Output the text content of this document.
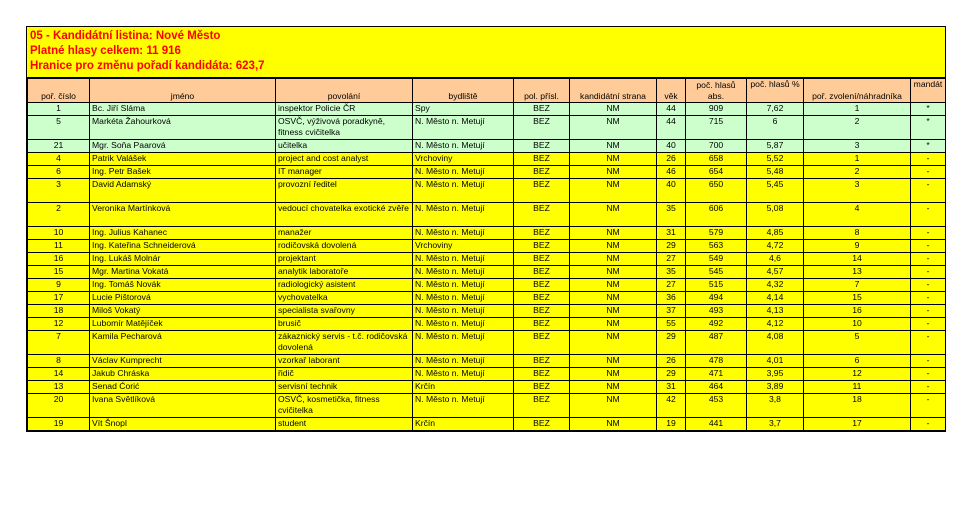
05 - Kandidátní listina: Nové Město
Platné hlasy celkem: 11 916
Hranice pro změnu pořadí kandidáta: 623,7
poř. číslo	jméno	povolání	bydliště	pol. přísl.	kandidátní strana	věk	poč. hlasů abs.	poč. hlasů %	poř. zvolení/náhradníka	mandát
1	Bc. Jiří Sláma	inspektor Policie ČR	Spy	BEZ	NM	44	909	7,62	1	*
5	Markéta Žahourková	OSVČ, výživová poradkyně, fitness cvičitelka	N. Město n. Metují	BEZ	NM	44	715	6	2	*
21	Mgr. Soňa Paarová	učitelka	N. Město n. Metují	BEZ	NM	40	700	5,87	3	*
4	Patrik Valášek	project and cost analyst	Vrchoviny	BEZ	NM	26	658	5,52	1	-
6	Ing. Petr Bašek	IT manager	N. Město n. Metují	BEZ	NM	46	654	5,48	2	-
3	David Adamský	provozní ředitel	N. Město n. Metují	BEZ	NM	40	650	5,45	3	-
2	Veronika Martínková	vedoucí chovatelka exotické zvěře	N. Město n. Metují	BEZ	NM	35	606	5,08	4	-
10	Ing. Julius Kahanec	manažer	N. Město n. Metují	BEZ	NM	31	579	4,85	8	-
11	Ing. Kateřina Schneiderová	rodičovská dovolená	Vrchoviny	BEZ	NM	29	563	4,72	9	-
16	Ing. Lukáš Molnár	projektant	N. Město n. Metují	BEZ	NM	27	549	4,6	14	-
15	Mgr. Martina Vokatá	analytik laboratoře	N. Město n. Metují	BEZ	NM	35	545	4,57	13	-
9	Ing. Tomáš Novák	radiologický asistent	N. Město n. Metují	BEZ	NM	27	515	4,32	7	-
17	Lucie Pištorová	vychovatelka	N. Město n. Metují	BEZ	NM	36	494	4,14	15	-
18	Miloš Vokatý	specialista svařovny	N. Město n. Metují	BEZ	NM	37	493	4,13	16	-
12	Lubomír Matějíček	brusič	N. Město n. Metují	BEZ	NM	55	492	4,12	10	-
7	Kamila Pecharová	zákaznický servis - t.č. rodičovská dovolená	N. Město n. Metují	BEZ	NM	29	487	4,08	5	-
8	Václav Kumprecht	vzorkař laborant	N. Město n. Metují	BEZ	NM	26	478	4,01	6	-
14	Jakub Chráska	řidič	N. Město n. Metují	BEZ	NM	29	471	3,95	12	-
13	Senad Ćorić	servisní technik	Krčín	BEZ	NM	31	464	3,89	11	-
20	Ivana Světlíková	OSVČ, kosmetička, fitness cvičitelka	N. Město n. Metují	BEZ	NM	42	453	3,8	18	-
19	Vít Šnopl	student	Krčín	BEZ	NM	19	441	3,7	17	-
